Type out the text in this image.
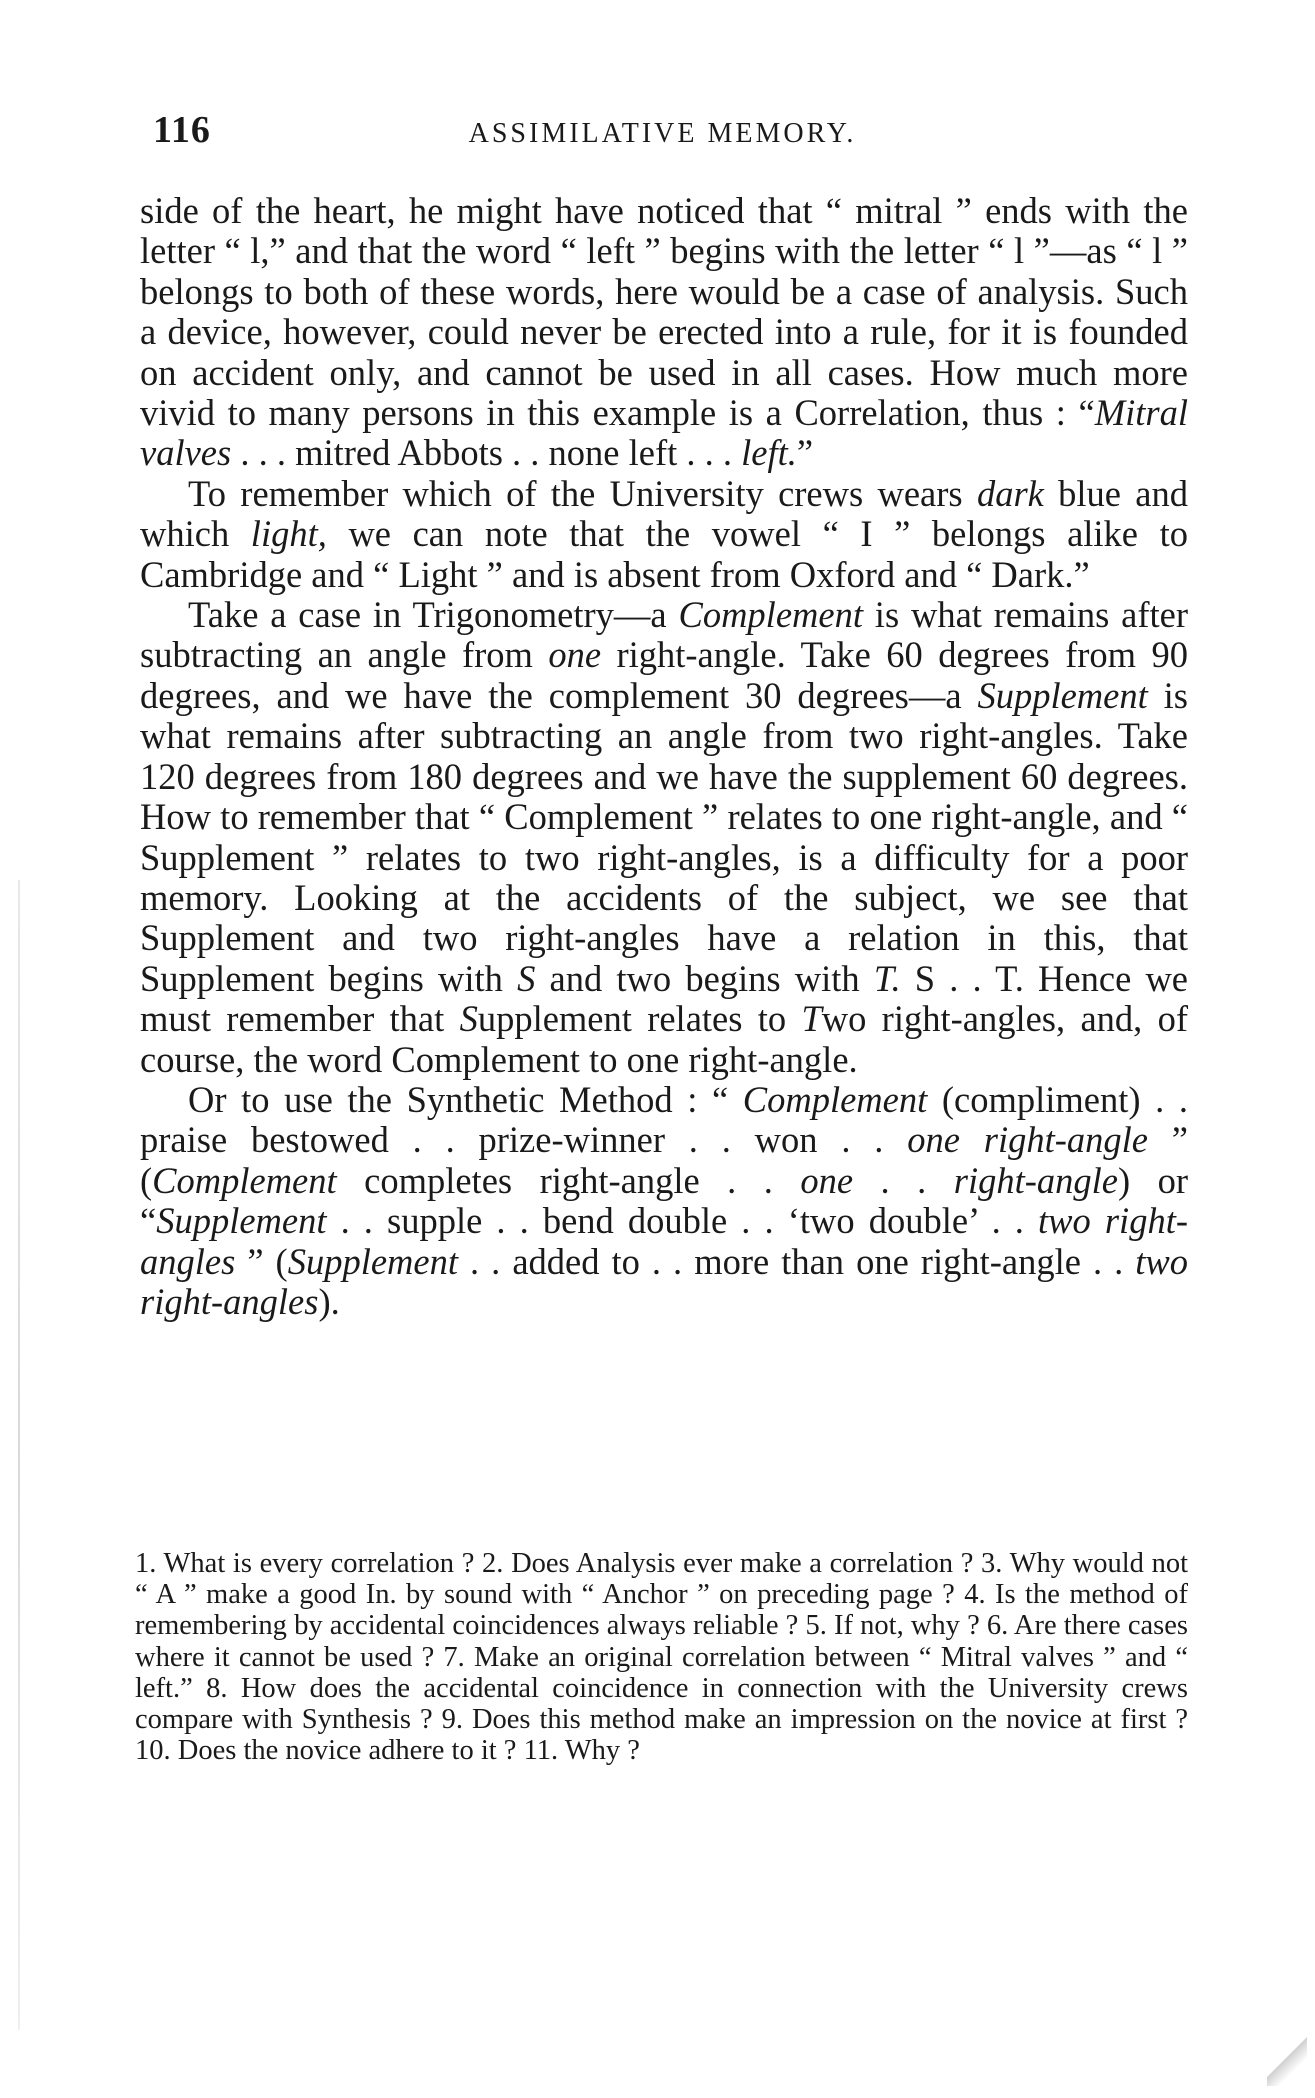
116	ASSIMILATIVE MEMORY.

side of the heart, he might have noticed that “ mitral ” ends with the letter “ l,” and that the word “ left ” begins with the letter “ l ”—as “ l ” belongs to both of these words, here would be a case of analysis. Such a device, however, could never be erected into a rule, for it is founded on accident only, and cannot be used in all cases. How much more vivid to many persons in this example is a Correlation, thus : “Mitral valves . . . mitred Abbots . . none left . . . left.”

To remember which of the University crews wears dark blue and which light, we can note that the vowel “ I ” belongs alike to Cambridge and “ Light ” and is absent from Oxford and “ Dark.”

Take a case in Trigonometry—a Complement is what remains after subtracting an angle from one right-angle. Take 60 degrees from 90 degrees, and we have the complement 30 degrees—a Supplement is what remains after subtracting an angle from two right-angles. Take 120 degrees from 180 degrees and we have the supplement 60 degrees. How to remember that “ Complement ” relates to one right-angle, and “ Supplement ” relates to two right-angles, is a difficulty for a poor memory. Looking at the accidents of the subject, we see that Supplement and two right-angles have a relation in this, that Supplement begins with S and two begins with T. S . . T. Hence we must remember that Supplement relates to Two right-angles, and, of course, the word Complement to one right-angle.

Or to use the Synthetic Method : “ Complement (compliment) . . praise bestowed . . prize-winner . . won . . one right-angle ” (Complement completes right-angle . . one . . right-angle) or “Supplement . . supple . . bend double . . ‘two double’ . . two right-angles ” (Supplement . . added to . . more than one right-angle . . two right-angles).

1. What is every correlation ? 2. Does Analysis ever make a correlation ? 3. Why would not “ A ” make a good In. by sound with “ Anchor ” on preceding page ? 4. Is the method of remembering by accidental coincidences always reliable ? 5. If not, why ? 6. Are there cases where it cannot be used ? 7. Make an original correlation between “ Mitral valves ” and “ left.” 8. How does the accidental coincidence in connection with the University crews compare with Synthesis ? 9. Does this method make an impression on the novice at first ? 10. Does the novice adhere to it ? 11. Why ?
